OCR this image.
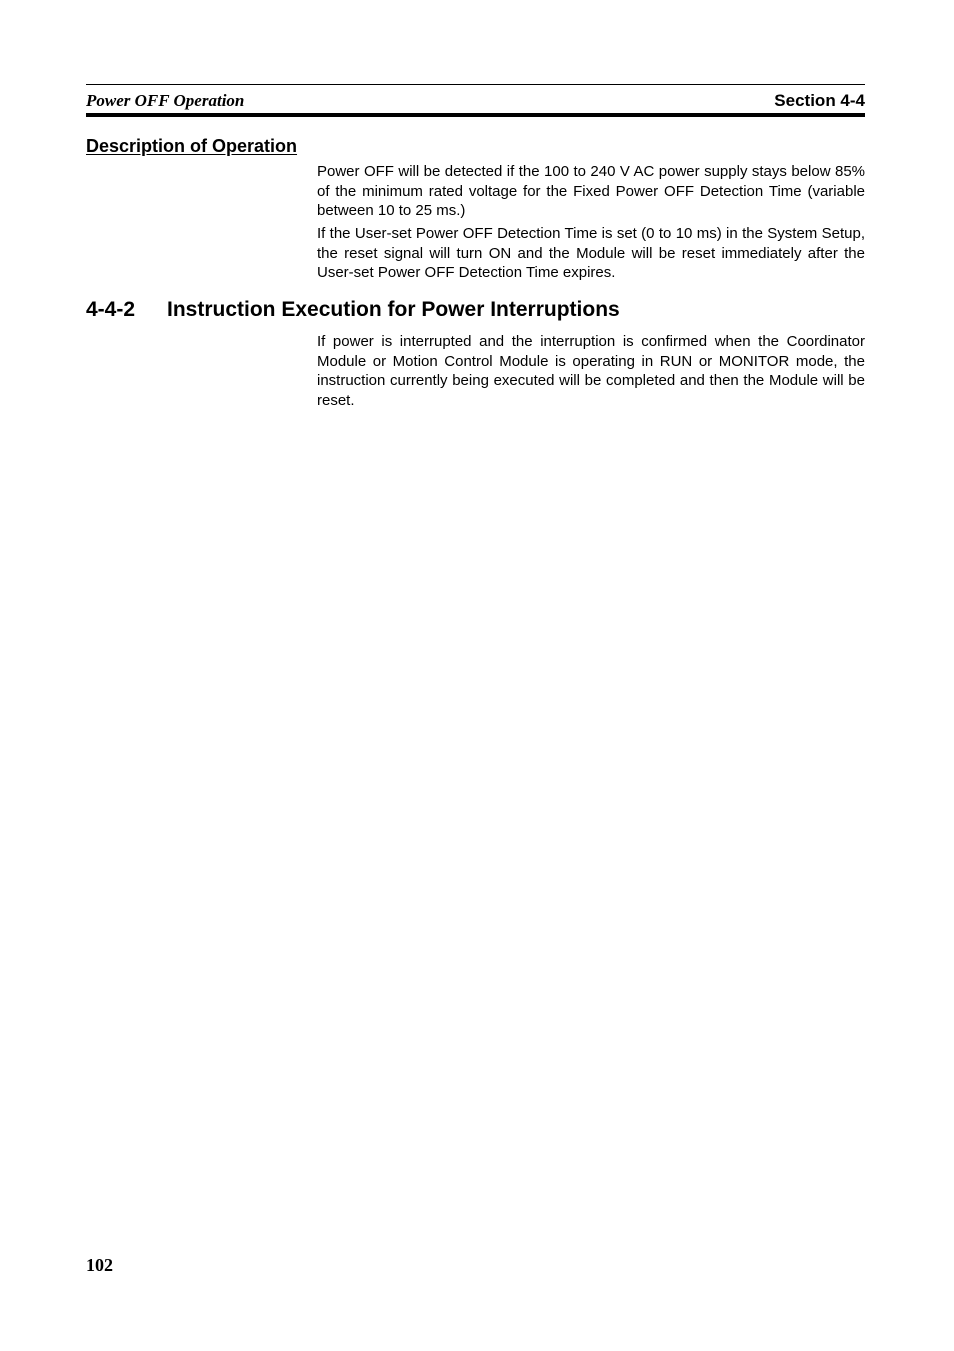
Power OFF Operation	Section 4-4
Description of Operation

Power OFF will be detected if the 100 to 240 V AC power supply stays below 85% of the minimum rated voltage for the Fixed Power OFF Detection Time (variable between 10 to 25 ms.)

If the User-set Power OFF Detection Time is set (0 to 10 ms) in the System Setup, the reset signal will turn ON and the Module will be reset immediately after the User-set Power OFF Detection Time expires.

4-4-2 Instruction Execution for Power Interruptions

If power is interrupted and the interruption is confirmed when the Coordinator Module or Motion Control Module is operating in RUN or MONITOR mode, the instruction currently being executed will be completed and then the Module will be reset.

102
